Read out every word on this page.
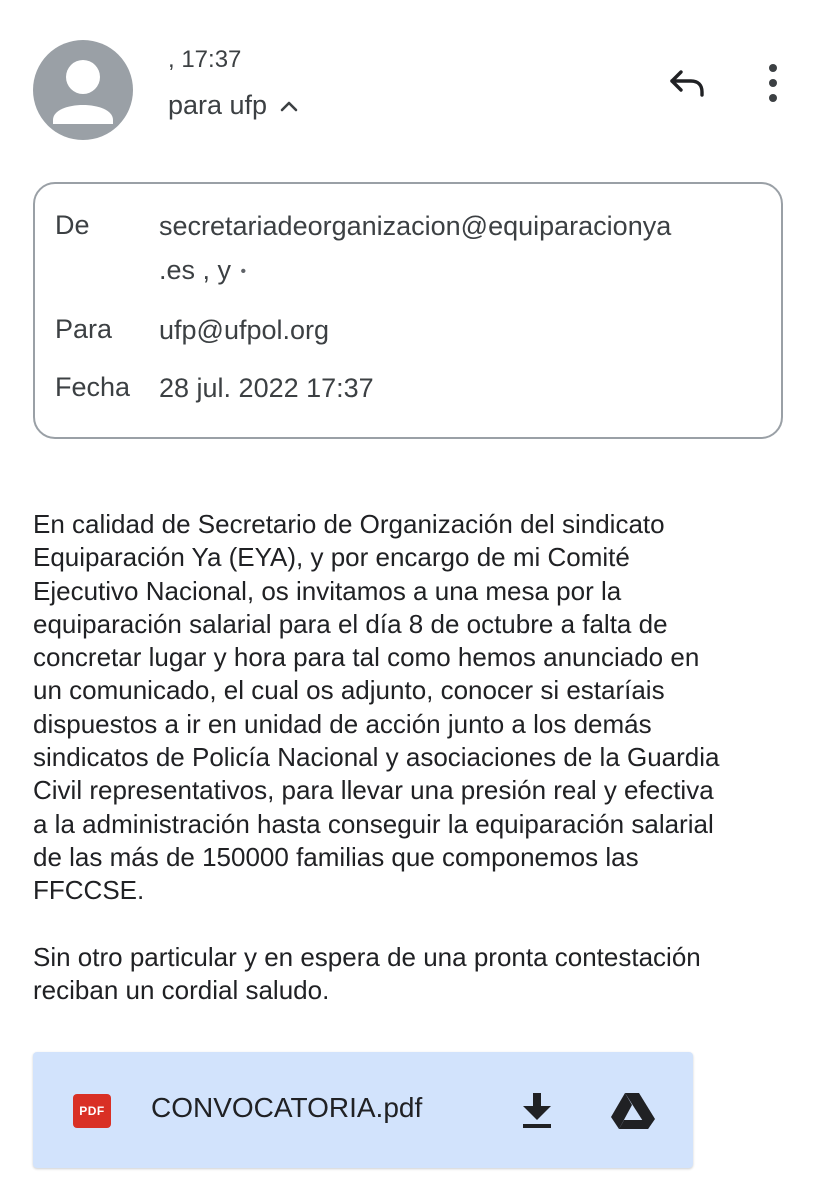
, 17:37
para ufp
De	secretariadeorganizacion@equiparacionya
.es , y •
Para ufp@ufpol.org
Fecha 28 jul. 2022 17:37

En calidad de Secretario de Organización del sindicato
Equiparación Ya (EYA), y por encargo de mi Comité
Ejecutivo Nacional, os invitamos a una mesa por la
equiparación salarial para el día 8 de octubre a falta de
concretar lugar y hora para tal como hemos anunciado en
un comunicado, el cual os adjunto, conocer si estaríais
dispuestos a ir en unidad de acción junto a los demás
sindicatos de Policía Nacional y asociaciones de la Guardia
Civil representativos, para llevar una presión real y efectiva
a la administración hasta conseguir la equiparación salarial
de las más de 150000 familias que componemos las
FFCCSE.

Sin otro particular y en espera de una pronta contestación
reciban un cordial saludo.

PDF CONVOCATORIA.pdf
